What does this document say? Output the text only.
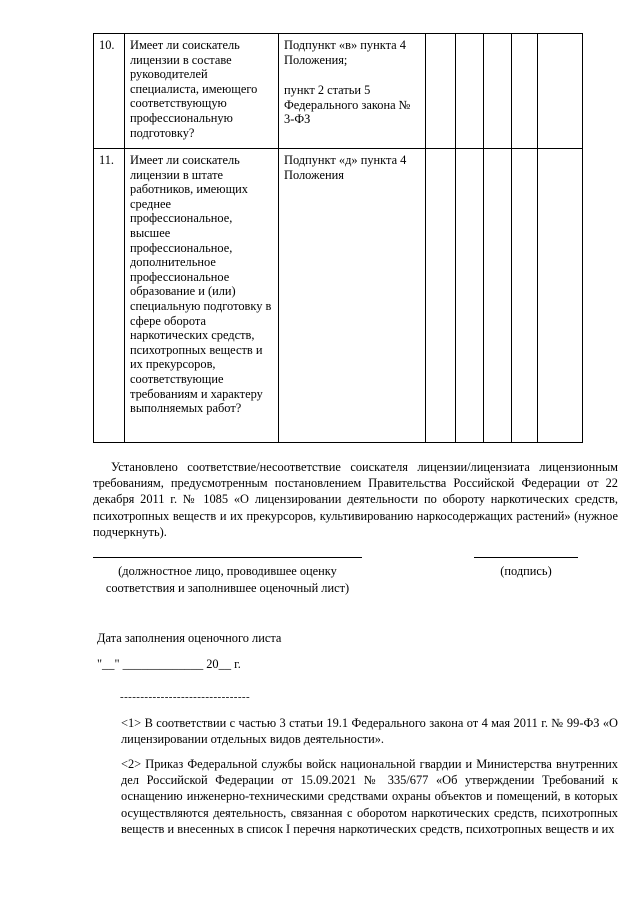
10.	Имеет ли соискатель лицензии в составе руководителей специалиста, имеющего соответствующую профессиональную подготовку?	Подпункт «в» пункта 4 Положения;
пункт 2 статьи 5 Федерального закона № 3-ФЗ					

11.	Имеет ли соискатель лицензии в штате работников, имеющих среднее профессиональное, высшее профессиональное, дополнительное профессиональное образование и (или) специальную подготовку в сфере оборота наркотических средств, психотропных веществ и их прекурсоров, соответствующие требованиям и характеру выполняемых работ?	Подпункт «д» пункта 4 Положения					

Установлено соответствие/несоответствие соискателя лицензии/лицензиата лицензионным требованиям, предусмотренным постановлением Правительства Российской Федерации от 22 декабря 2011 г. № 1085 «О лицензировании деятельности по обороту наркотических средств, психотропных веществ и их прекурсоров, культивированию наркосодержащих растений» (нужное подчеркнуть).
(должностное лицо, проводившее оценку соответствия и заполнившее оценочный лист)
(подпись)
Дата заполнения оценочного листа
"__" _____________ 20__ г.
--------------------------------
<1> В соответствии с частью 3 статьи 19.1 Федерального закона от 4 мая 2011 г. № 99-ФЗ «О лицензировании отдельных видов деятельности».
<2> Приказ Федеральной службы войск национальной гвардии и Министерства внутренних дел Российской Федерации от 15.09.2021 № 335/677 «Об утверждении Требований к оснащению инженерно-техническими средствами охраны объектов и помещений, в которых осуществляются деятельность, связанная с оборотом наркотических средств, психотропных веществ и внесенных в список I перечня наркотических средств, психотропных веществ и их
